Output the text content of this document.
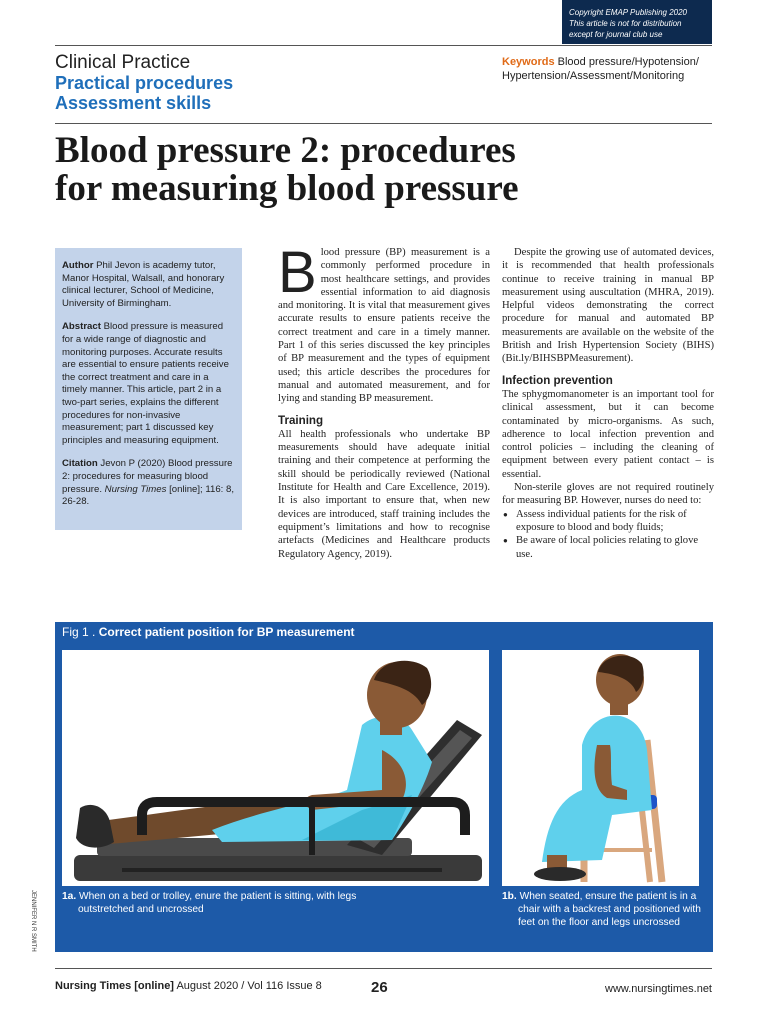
Copyright EMAP Publishing 2020
This article is not for distribution
except for journal club use
Clinical Practice
Practical procedures
Assessment skills
Keywords Blood pressure/Hypotension/ Hypertension/Assessment/Monitoring
Blood pressure 2: procedures
for measuring blood pressure

Author Phil Jevon is academy tutor, Manor Hospital, Walsall, and honorary clinical lecturer, School of Medicine, University of Birmingham.

Abstract Blood pressure is measured for a wide range of diagnostic and monitoring purposes. Accurate results are essential to ensure patients receive the correct treatment and care in a timely manner. This article, part 2 in a two-part series, explains the different procedures for non-invasive measurement; part 1 discussed key principles and measuring equipment.

Citation Jevon P (2020) Blood pressure 2: procedures for measuring blood pressure. Nursing Times [online]; 116: 8, 26-28.

Blood pressure (BP) measurement is a commonly performed procedure in most healthcare settings, and provides essential information to aid diagnosis and monitoring. It is vital that measurement gives accurate results to ensure patients receive the correct treatment and care in a timely manner. Part 1 of this series discussed the key principles of BP measurement and the types of equipment used; this article describes the procedures for manual and automated measurement, and for lying and standing BP measurement.

Training

All health professionals who undertake BP measurements should have adequate initial training and their competence at performing the skill should be periodically reviewed (National Institute for Health and Care Excellence, 2019). It is also important to ensure that, when new devices are introduced, staff training includes the equipment’s limitations and how to recognise artefacts (Medicines and Healthcare products Regulatory Agency, 2019).

Despite the growing use of automated devices, it is recommended that health professionals continue to receive training in manual BP measurement using auscultation (MHRA, 2019). Helpful videos demonstrating the correct procedure for manual and automated BP measurements are available on the website of the British and Irish Hypertension Society (BIHS) (Bit.ly/BIHSBPMeasurement).

Infection prevention

The sphygmomanometer is an important tool for clinical assessment, but it can become contaminated by micro-organisms. As such, adherence to local infection prevention and control policies – including the cleaning of equipment between every patient contact – is essential.

Non-sterile gloves are not required routinely for measuring BP. However, nurses do need to:

● Assess individual patients for the risk of exposure to blood and body fluids;
● Be aware of local policies relating to glove use.
Fig 1 . Correct patient position for BP measurement
1a. When on a bed or trolley, enure the patient is sitting, with legs outstretched and uncrossed
1b. When seated, ensure the patient is in a chair with a backrest and positioned with feet on the floor and legs uncrossed
JENNIFER N R SMITH
Nursing Times [online] August 2020 / Vol 116 Issue 8	26	www.nursingtimes.net
